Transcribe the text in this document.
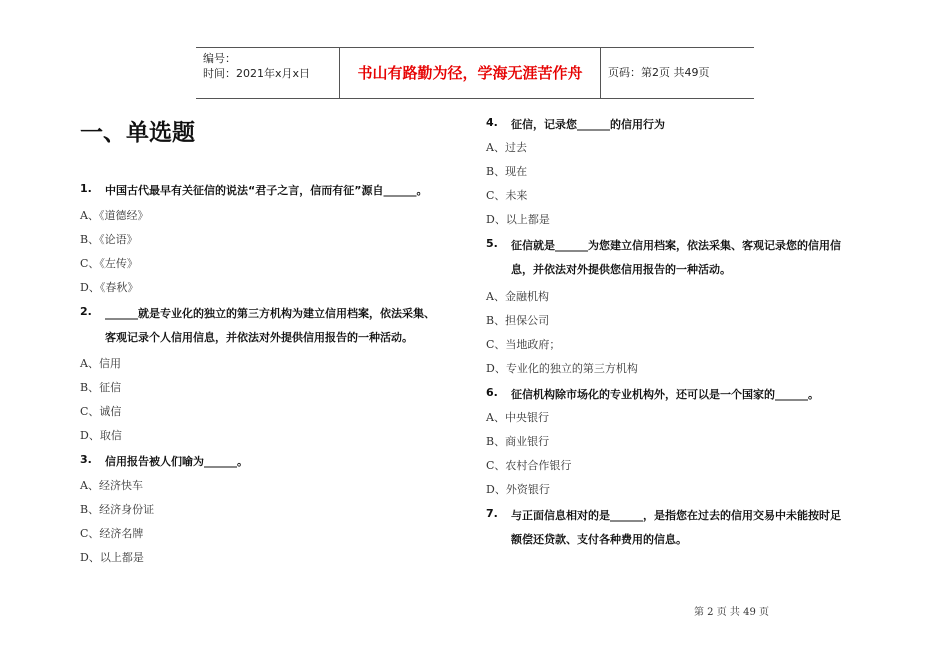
编号：
时间：2021年x月x日	书山有路勤为径，学海无涯苦作舟	页码：第2页 共49页
一、单选题
1. 中国古代最早有关征信的说法“君子之言，信而有征”源自______。
A、《道德经》
B、《论语》
C、《左传》
D、《春秋》
2. ______就是专业化的独立的第三方机构为建立信用档案，依法采集、
客观记录个人信用信息，并依法对外提供信用报告的一种活动。
A、信用
B、征信
C、诚信
D、取信
3. 信用报告被人们喻为______。
A、经济快车
B、经济身份证
C、经济名牌
D、以上都是
4. 征信，记录您______的信用行为
A、过去
B、现在
C、未来
D、以上都是
5. 征信就是______为您建立信用档案，依法采集、客观记录您的信用信
息，并依法对外提供您信用报告的一种活动。
A、金融机构
B、担保公司
C、当地政府；
D、专业化的独立的第三方机构
6. 征信机构除市场化的专业机构外，还可以是一个国家的______。
A、中央银行
B、商业银行
C、农村合作银行
D、外资银行
7. 与正面信息相对的是______，是指您在过去的信用交易中未能按时足
额偿还贷款、支付各种费用的信息。
第 2 页 共 49 页
